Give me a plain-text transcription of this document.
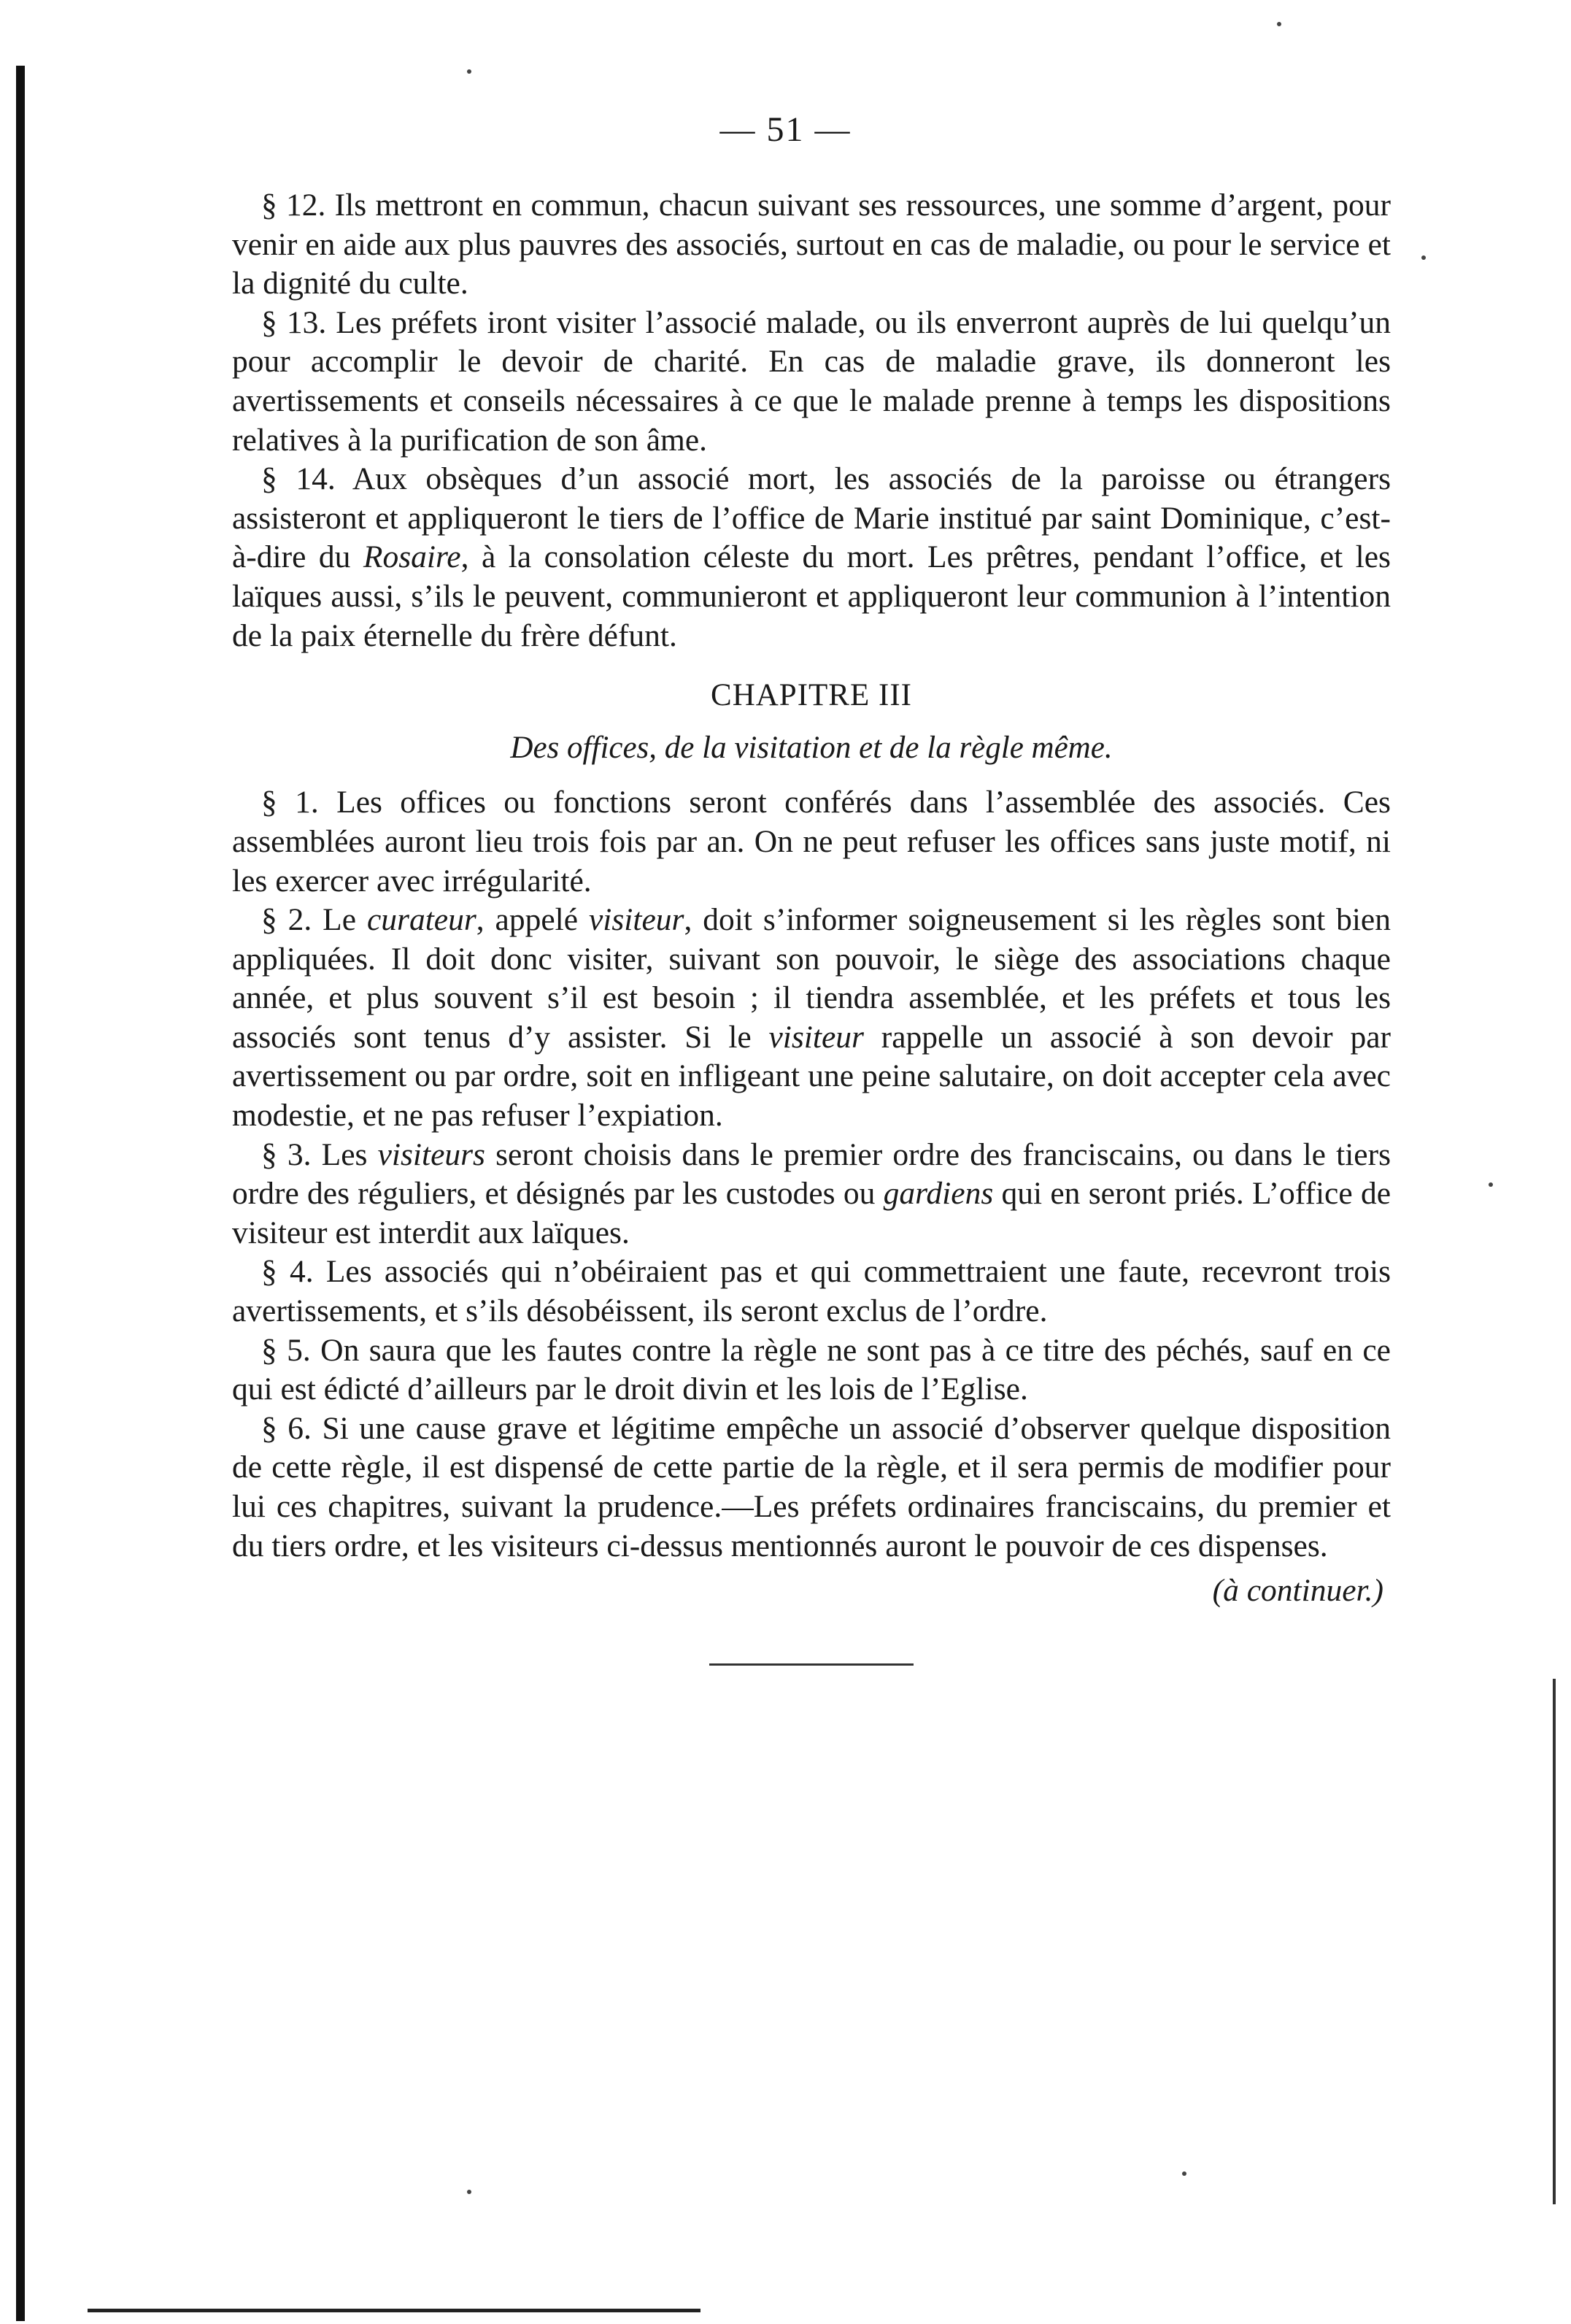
— 51 —

§ 12. Ils mettront en commun, chacun suivant ses ressources, une somme d’argent, pour venir en aide aux plus pauvres des associés, surtout en cas de maladie, ou pour le service et la dignité du culte.

§ 13. Les préfets iront visiter l’associé malade, ou ils enverront auprès de lui quelqu’un pour accomplir le devoir de charité. En cas de maladie grave, ils donneront les avertissements et conseils nécessaires à ce que le malade prenne à temps les dispositions relatives à la purification de son âme.

§ 14. Aux obsèques d’un associé mort, les associés de la paroisse ou étrangers assisteront et appliqueront le tiers de l’office de Marie institué par saint Dominique, c’est-à-dire du Rosaire, à la consolation céleste du mort. Les prêtres, pendant l’office, et les laïques aussi, s’ils le peuvent, communieront et appliqueront leur communion à l’intention de la paix éternelle du frère défunt.

CHAPITRE III
Des offices, de la visitation et de la règle même.

§ 1. Les offices ou fonctions seront conférés dans l’assemblée des associés. Ces assemblées auront lieu trois fois par an. On ne peut refuser les offices sans juste motif, ni les exercer avec irrégularité.

§ 2. Le curateur, appelé visiteur, doit s’informer soigneusement si les règles sont bien appliquées. Il doit donc visiter, suivant son pouvoir, le siège des associations chaque année, et plus souvent s’il est besoin ; il tiendra assemblée, et les préfets et tous les associés sont tenus d’y assister. Si le visiteur rappelle un associé à son devoir par avertissement ou par ordre, soit en infligeant une peine salutaire, on doit accepter cela avec modestie, et ne pas refuser l’expiation.

§ 3. Les visiteurs seront choisis dans le premier ordre des franciscains, ou dans le tiers ordre des réguliers, et désignés par les custodes ou gardiens qui en seront priés. L’office de visiteur est interdit aux laïques.

§ 4. Les associés qui n’obéiraient pas et qui commettraient une faute, recevront trois avertissements, et s’ils désobéissent, ils seront exclus de l’ordre.

§ 5. On saura que les fautes contre la règle ne sont pas à ce titre des péchés, sauf en ce qui est édicté d’ailleurs par le droit divin et les lois de l’Eglise.

§ 6. Si une cause grave et légitime empêche un associé d’observer quelque disposition de cette règle, il est dispensé de cette partie de la règle, et il sera permis de modifier pour lui ces chapitres, suivant la prudence.—Les préfets ordinaires franciscains, du premier et du tiers ordre, et les visiteurs ci-dessus mentionnés auront le pouvoir de ces dispenses.

(à continuer.)
